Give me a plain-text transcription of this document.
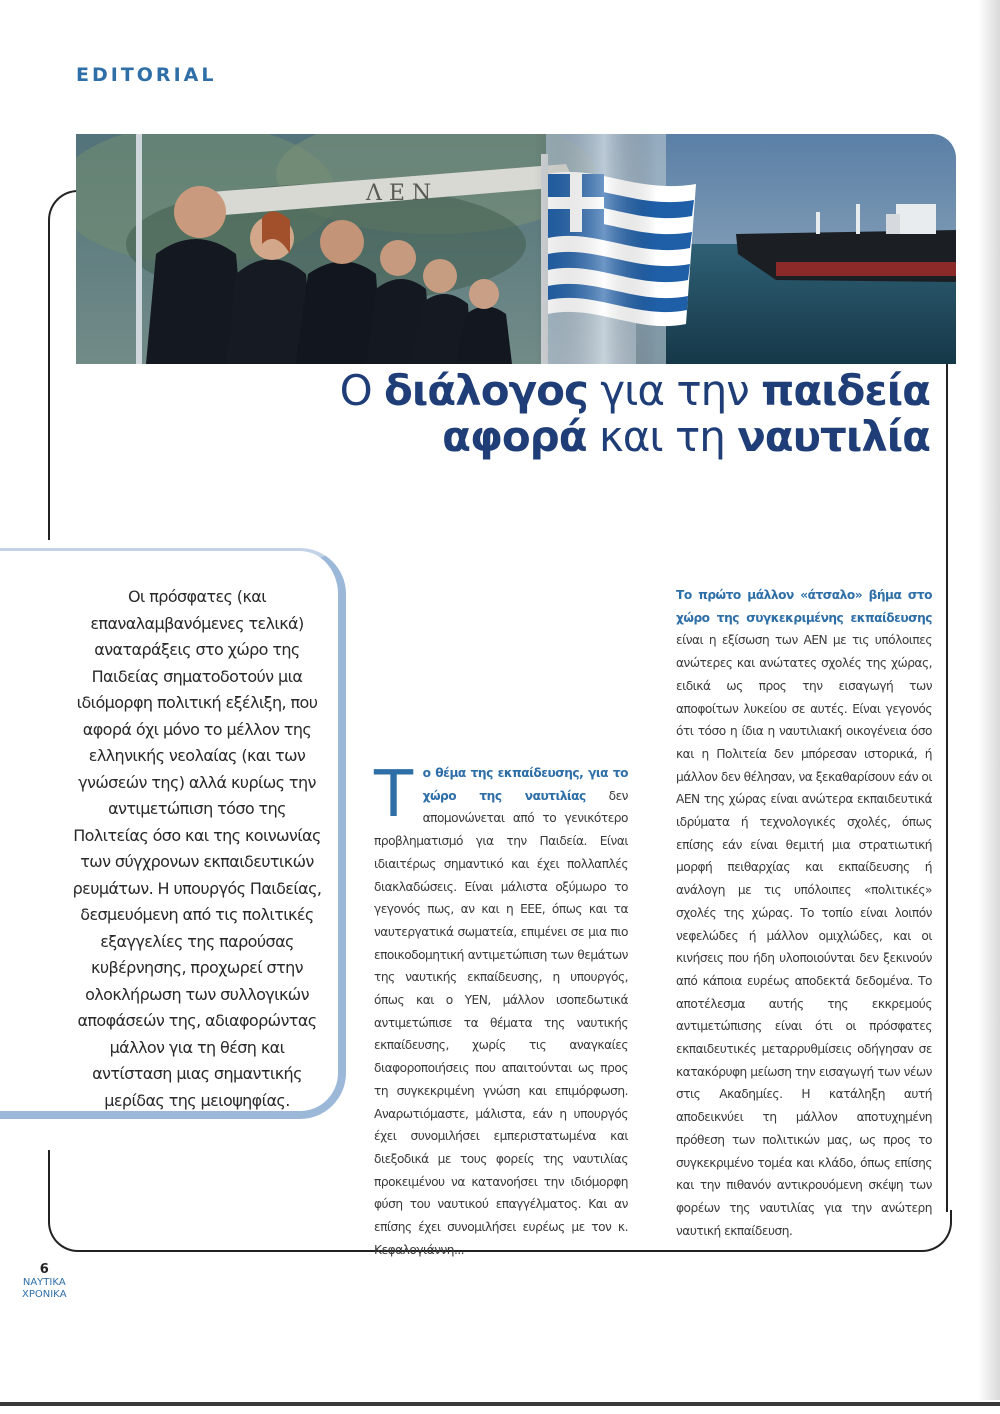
EDITORIAL
Ο διάλογος για την παιδεία
αφορά και τη ναυτιλία

Οι πρόσφατες (και επαναλαμβανόμενες τελικά) αναταράξεις στο χώρο της Παιδείας σηματοδοτούν μια ιδιόμορφη πολιτική εξέλιξη, που αφορά όχι μόνο το μέλλον της ελληνικής νεολαίας (και των γνώσεών της) αλλά κυρίως την αντιμετώπιση τόσο της Πολιτείας όσο και της κοινωνίας των σύγχρονων εκπαιδευτικών ρευμάτων. Η υπουργός Παιδείας, δεσμευόμενη από τις πολιτικές εξαγγελίες της παρούσας κυβέρνησης, προχωρεί στην ολοκλήρωση των συλλογικών αποφάσεών της, αδιαφορώντας μάλλον για τη θέση και αντίσταση μιας σημαντικής μερίδας της μειοψηφίας.

Το θέμα της εκπαίδευσης, για το χώρο της ναυτιλίας δεν απομονώνεται από το γενικότερο προβληματισμό για την Παιδεία. Είναι ιδιαιτέρως σημαντικό και έχει πολλαπλές διακλαδώσεις. Είναι μάλιστα οξύμωρο το γεγονός πως, αν και η ΕΕΕ, όπως και τα ναυτεργατικά σωματεία, επιμένει σε μια πιο εποικοδομητική αντιμετώπιση των θεμάτων της ναυτικής εκπαίδευσης, η υπουργός, όπως και ο ΥΕΝ, μάλλον ισοπεδωτικά αντιμετώπισε τα θέματα της ναυτικής εκπαίδευσης, χωρίς τις αναγκαίες διαφοροποιήσεις που απαιτούνται ως προς τη συγκεκριμένη γνώση και επιμόρφωση. Αναρωτιόμαστε, μάλιστα, εάν η υπουργός έχει συνομιλήσει εμπεριστατωμένα και διεξοδικά με τους φορείς της ναυτιλίας προκειμένου να κατανοήσει την ιδιόμορφη φύση του ναυτικού επαγγέλματος. Και αν επίσης έχει συνομιλήσει ευρέως με τον κ. Κεφαλογιάννη...
Το πρώτο μάλλον «άτσαλο» βήμα στο χώρο της συγκεκριμένης εκπαίδευσης είναι η εξίσωση των ΑΕΝ με τις υπόλοιπες ανώτερες και ανώτατες σχολές της χώρας, ειδικά ως προς την εισαγωγή των αποφοίτων λυκείου σε αυτές. Είναι γεγονός ότι τόσο η ίδια η ναυτιλιακή οικογένεια όσο και η Πολιτεία δεν μπόρεσαν ιστορικά, ή μάλλον δεν θέλησαν, να ξεκαθαρίσουν εάν οι ΑΕΝ της χώρας είναι ανώτερα εκπαιδευτικά ιδρύματα ή τεχνολογικές σχολές, όπως επίσης εάν είναι θεμιτή μια στρατιωτική μορφή πειθαρχίας και εκπαίδευσης ή ανάλογη με τις υπόλοιπες «πολιτικές» σχολές της χώρας. Το τοπίο είναι λοιπόν νεφελώδες ή μάλλον ομιχλώδες, και οι κινήσεις που ήδη υλοποιούνται δεν ξεκινούν από κάποια ευρέως αποδεκτά δεδομένα. Το αποτέλεσμα αυτής της εκκρεμούς αντιμετώπισης είναι ότι οι πρόσφατες εκπαιδευτικές μεταρρυθμίσεις οδήγησαν σε κατακόρυφη μείωση την εισαγωγή των νέων στις Ακαδημίες. Η κατάληξη αυτή αποδεικνύει τη μάλλον αποτυχημένη πρόθεση των πολιτικών μας, ως προς το συγκεκριμένο τομέα και κλάδο, όπως επίσης και την πιθανόν αντικρουόμενη σκέψη των φορέων της ναυτιλίας για την ανώτερη ναυτική εκπαίδευση.
6
ΝΑΥΤΙΚΑ
ΧΡΟΝΙΚΑ
